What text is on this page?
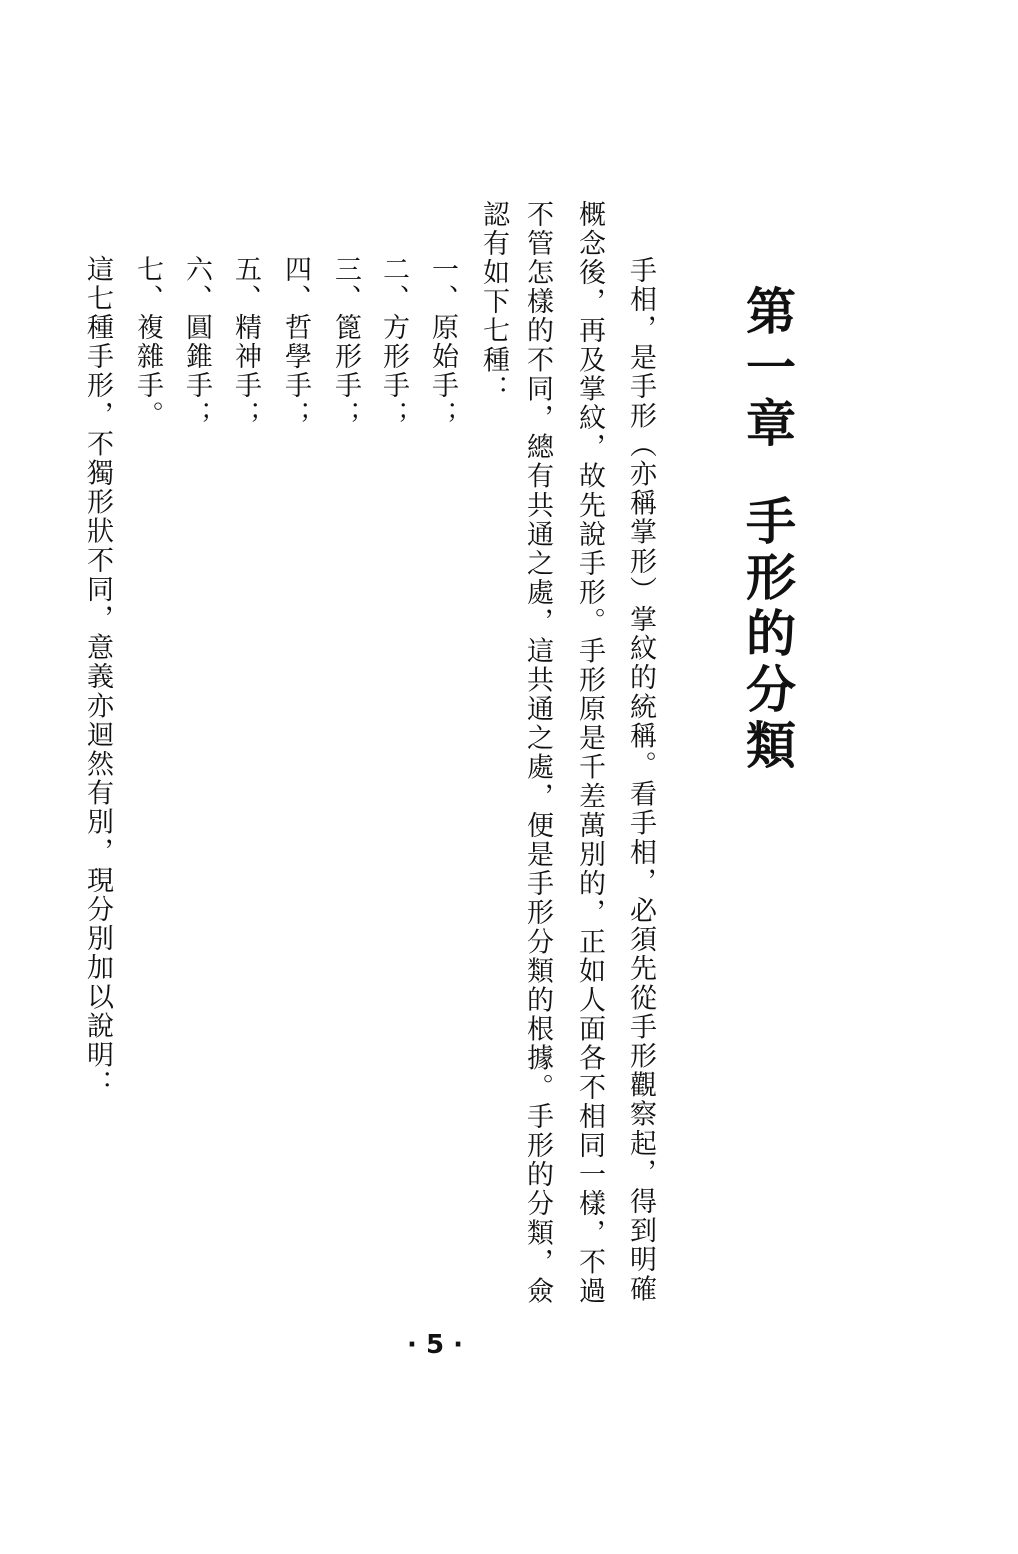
第一章手形的分類
手相，是手形（亦稱掌形）掌紋的統稱。看手相，必須先從手形觀察起，得到明確
概念後，再及掌紋，故先說手形。手形原是千差萬別的，正如人面各不相同一樣，不過
不管怎樣的不同，總有共通之處，這共通之處，便是手形分類的根據。手形的分類，僉
認有如下七種：
一、原始手；
二、方形手；
三、篦形手；
四、哲學手；
五、精神手；
六、圓錐手；
七、複雜手。
這七種手形，不獨形狀不同，意義亦迴然有別，現分別加以說明：
· 5 ·
